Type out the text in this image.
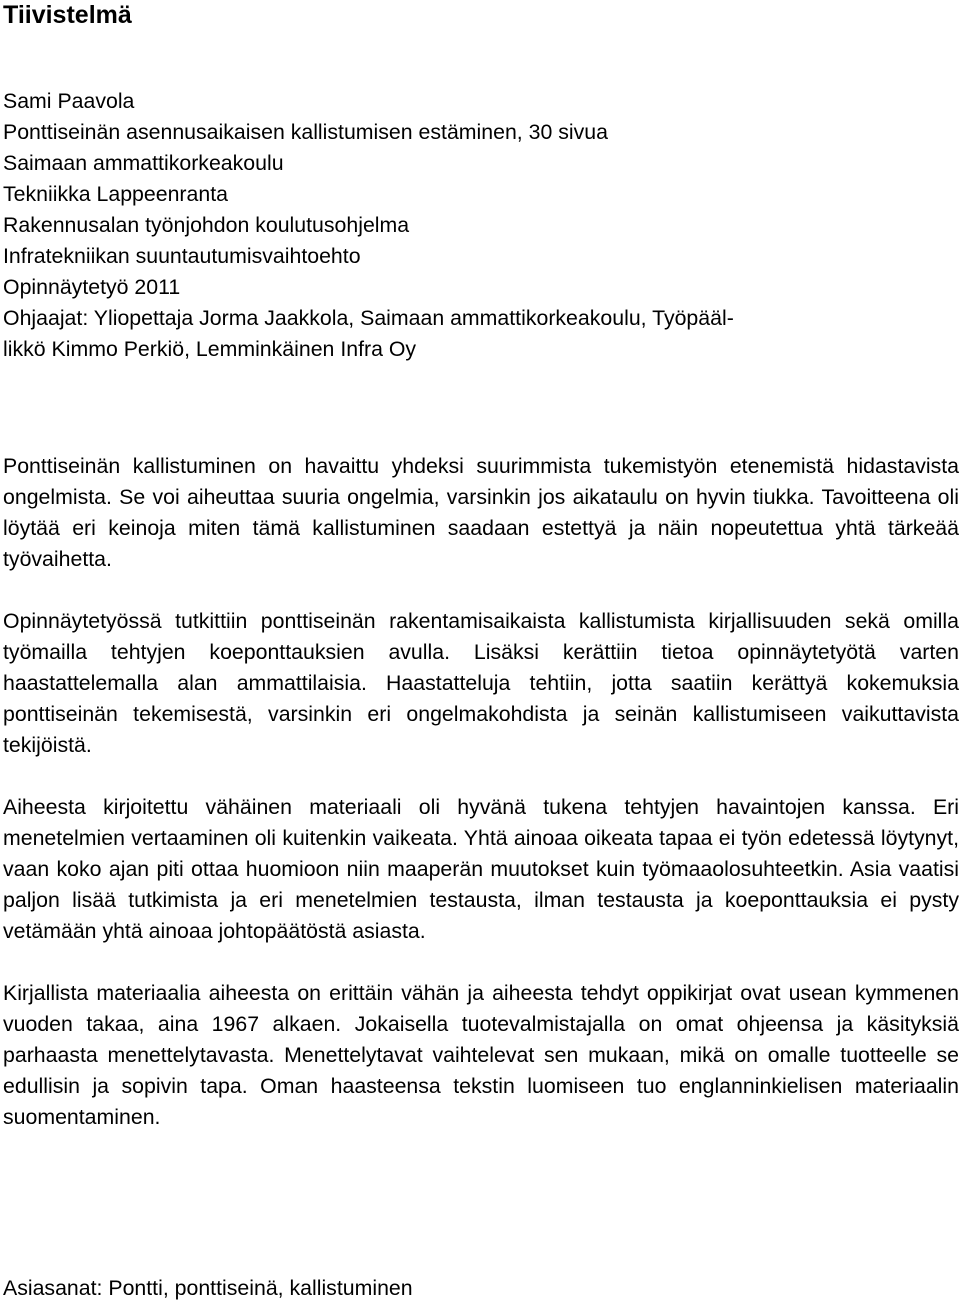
Tiivistelmä
Sami Paavola
Ponttiseinän asennusaikaisen kallistumisen estäminen, 30 sivua
Saimaan ammattikorkeakoulu
Tekniikka Lappeenranta
Rakennusalan työnjohdon koulutusohjelma
Infratekniikan suuntautumisvaihtoehto
Opinnäytetyö 2011
Ohjaajat: Yliopettaja Jorma Jaakkola, Saimaan ammattikorkeakoulu, Työpääl-
likkö Kimmo Perkiö, Lemminkäinen Infra Oy

Ponttiseinän kallistuminen on havaittu yhdeksi suurimmista tukemistyön etenemistä hidastavista ongelmista. Se voi aiheuttaa suuria ongelmia, varsinkin jos aikataulu on hyvin tiukka. Tavoitteena oli löytää eri keinoja miten tämä kallistuminen saadaan estettyä ja näin nopeutettua yhtä tärkeää työvaihetta.

Opinnäytetyössä tutkittiin ponttiseinän rakentamisaikaista kallistumista kirjallisuuden sekä omilla työmailla tehtyjen koeponttauksien avulla. Lisäksi kerättiin tietoa opinnäytetyötä varten haastattelemalla alan ammattilaisia. Haastatteluja tehtiin, jotta saatiin kerättyä kokemuksia ponttiseinän tekemisestä, varsinkin eri ongelmakohdista ja seinän kallistumiseen vaikuttavista tekijöistä.

Aiheesta kirjoitettu vähäinen materiaali oli hyvänä tukena tehtyjen havaintojen kanssa. Eri menetelmien vertaaminen oli kuitenkin vaikeata. Yhtä ainoaa oikeata tapaa ei työn edetessä löytynyt, vaan koko ajan piti ottaa huomioon niin maaperän muutokset kuin työmaaolosuhteetkin. Asia vaatisi paljon lisää tutkimista ja eri menetelmien testausta, ilman testausta ja koeponttauksia ei pysty vetämään yhtä ainoaa johtopäätöstä asiasta.

Kirjallista materiaalia aiheesta on erittäin vähän ja aiheesta tehdyt oppikirjat ovat usean kymmenen vuoden takaa, aina 1967 alkaen. Jokaisella tuotevalmistajalla on omat ohjeensa ja käsityksiä parhaasta menettelytavasta. Menettelytavat vaihtelevat sen mukaan, mikä on omalle tuotteelle se edullisin ja sopivin tapa. Oman haasteensa tekstin luomiseen tuo englanninkielisen materiaalin suomentaminen.

Asiasanat: Pontti, ponttiseinä, kallistuminen
